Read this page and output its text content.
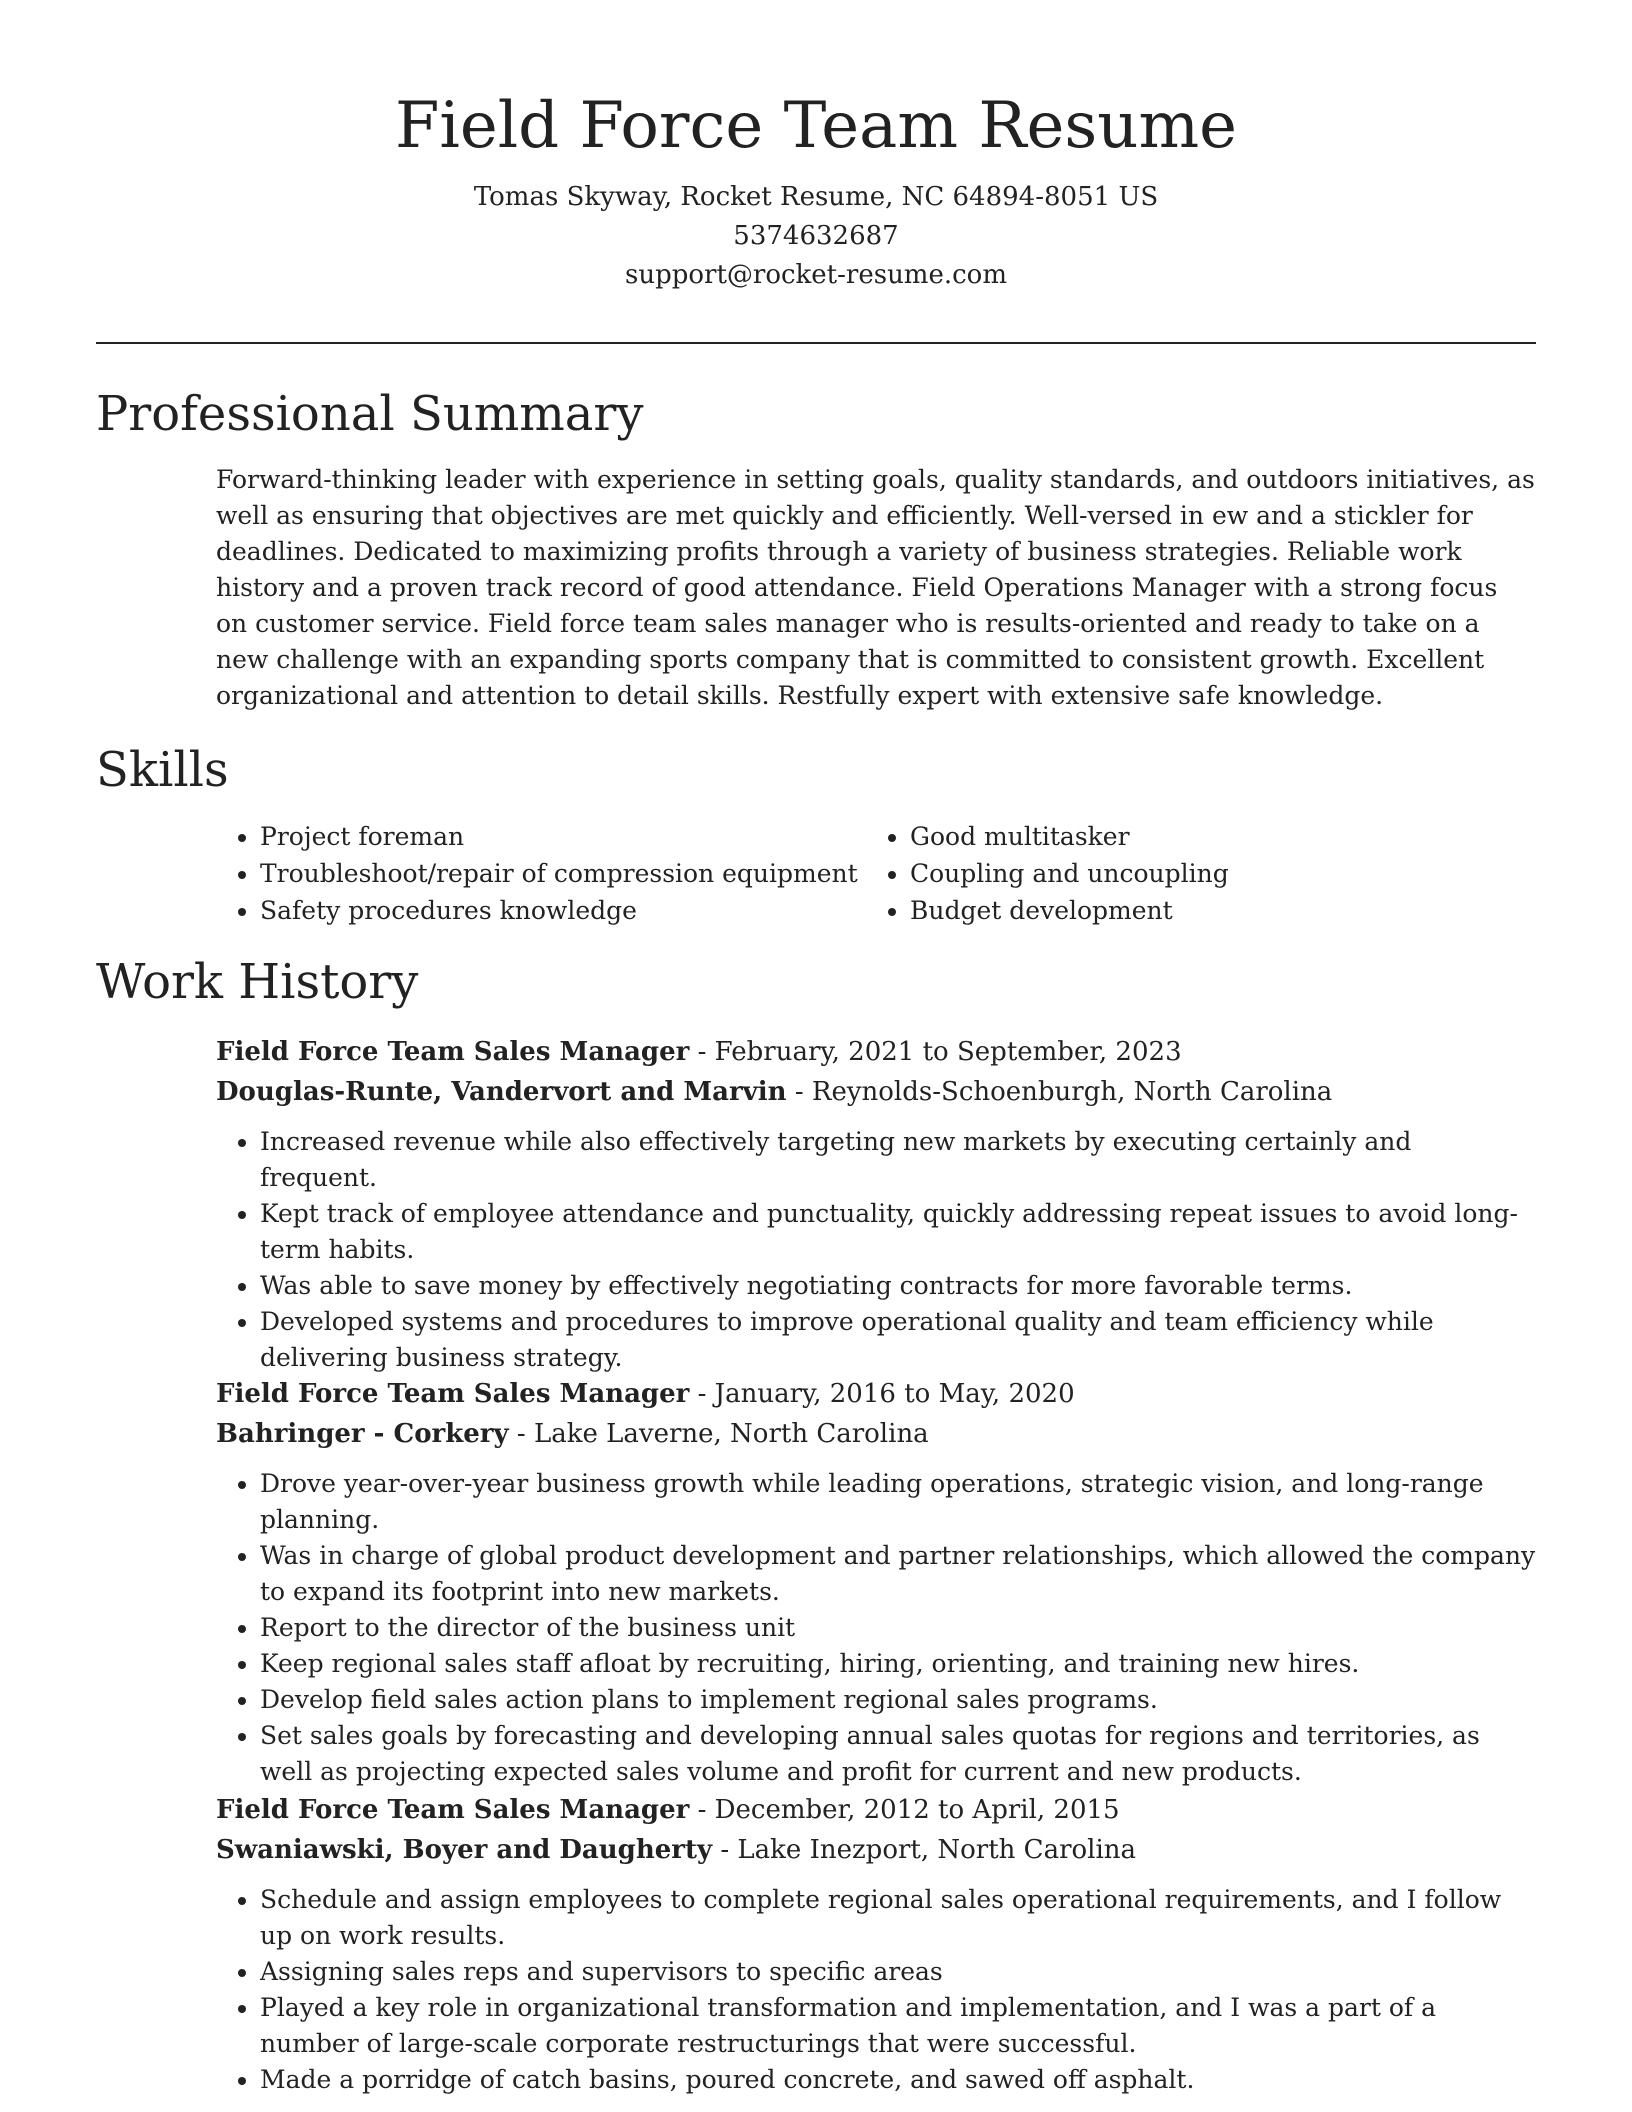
Field Force Team Resume

Tomas Skyway, Rocket Resume, NC 64894-8051 US

5374632687

support@rocket-resume.com

Professional Summary

Forward-thinking leader with experience in setting goals, quality standards, and outdoors initiatives, as well as ensuring that objectives are met quickly and efficiently. Well-versed in ew and a stickler for deadlines. Dedicated to maximizing profits through a variety of business strategies. Reliable work history and a proven track record of good attendance. Field Operations Manager with a strong focus on customer service. Field force team sales manager who is results-oriented and ready to take on a new challenge with an expanding sports company that is committed to consistent growth. Excellent organizational and attention to detail skills. Restfully expert with extensive safe knowledge.

Skills
• Project foreman
• Troubleshoot/repair of compression equipment
• Safety procedures knowledge
• Good multitasker
• Coupling and uncoupling
• Budget development
Work History

Field Force Team Sales Manager - February, 2021 to September, 2023

Douglas-Runte, Vandervort and Marvin - Reynolds-Schoenburgh, North Carolina

• Increased revenue while also effectively targeting new markets by executing certainly and frequent.
• Kept track of employee attendance and punctuality, quickly addressing repeat issues to avoid long-term habits.
• Was able to save money by effectively negotiating contracts for more favorable terms.
• Developed systems and procedures to improve operational quality and team efficiency while delivering business strategy.

Field Force Team Sales Manager - January, 2016 to May, 2020

Bahringer - Corkery - Lake Laverne, North Carolina

• Drove year-over-year business growth while leading operations, strategic vision, and long-range planning.
• Was in charge of global product development and partner relationships, which allowed the company to expand its footprint into new markets.
• Report to the director of the business unit
• Keep regional sales staff afloat by recruiting, hiring, orienting, and training new hires.
• Develop field sales action plans to implement regional sales programs.
• Set sales goals by forecasting and developing annual sales quotas for regions and territories, as well as projecting expected sales volume and profit for current and new products.

Field Force Team Sales Manager - December, 2012 to April, 2015

Swaniawski, Boyer and Daugherty - Lake Inezport, North Carolina

• Schedule and assign employees to complete regional sales operational requirements, and I follow up on work results.
• Assigning sales reps and supervisors to specific areas
• Played a key role in organizational transformation and implementation, and I was a part of a number of large-scale corporate restructurings that were successful.
• Made a porridge of catch basins, poured concrete, and sawed off asphalt.
